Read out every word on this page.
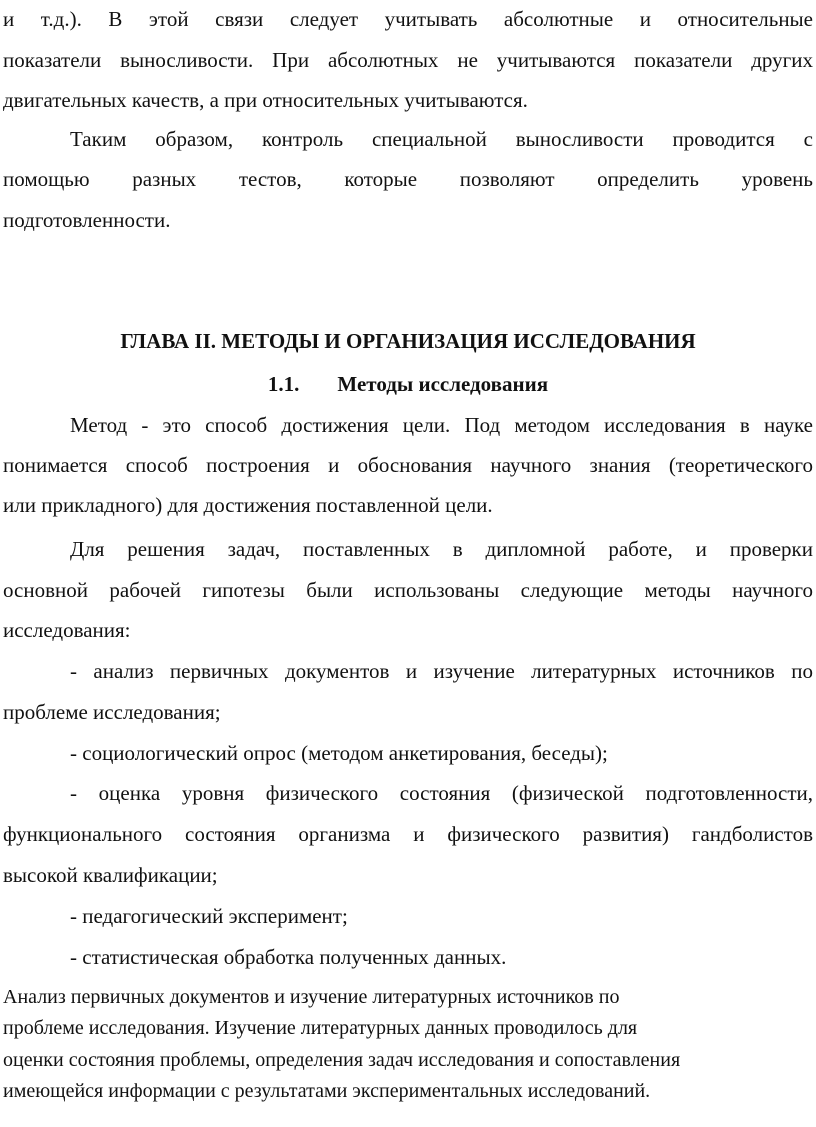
и т.д.). В этой связи следует учитывать абсолютные и относительные
показатели выносливости. При абсолютных не учитываются показатели других
двигательных качеств, а при относительных учитываются.
Таким образом, контроль специальной выносливости проводится с
помощью разных тестов, которые позволяют определить уровень
подготовленности.
ГЛАВА II. МЕТОДЫ И ОРГАНИЗАЦИЯ ИССЛЕДОВАНИЯ
1.1. Методы исследования
Метод - это способ достижения цели. Под методом исследования в науке
понимается способ построения и обоснования научного знания (теоретического
или прикладного) для достижения поставленной цели.
Для решения задач, поставленных в дипломной работе, и проверки
основной рабочей гипотезы были использованы следующие методы научного
исследования:
- анализ первичных документов и изучение литературных источников по
проблеме исследования;
- социологический опрос (методом анкетирования, беседы);
- оценка уровня физического состояния (физической подготовленности,
функционального состояния организма и физического развития) гандболистов
высокой квалификации;
- педагогический эксперимент;
- статистическая обработка полученных данных.
Анализ первичных документов и изучение литературных источников по
проблеме исследования. Изучение литературных данных проводилось для
оценки состояния проблемы, определения задач исследования и сопоставления
имеющейся информации с результатами экспериментальных исследований.
